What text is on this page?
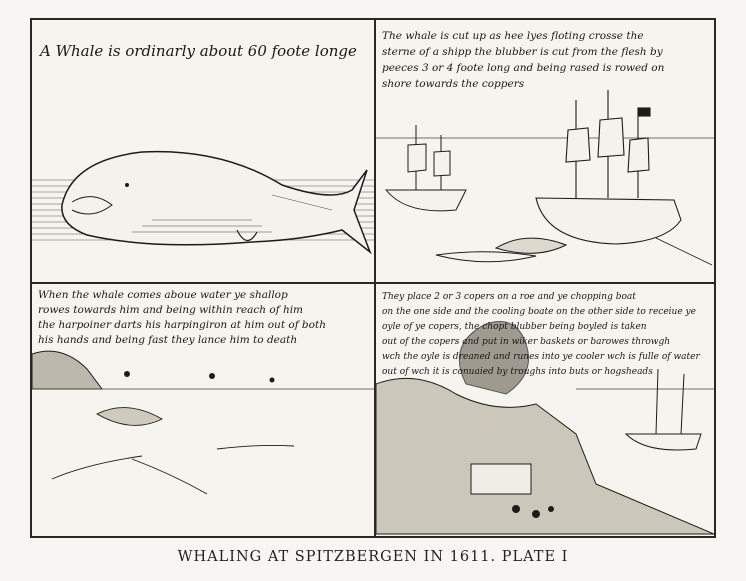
A Whale is ordinarly about 60 foote longe
The whale is cut up as hee lyes floting crosse the
sterne of a shipp the blubber is cut from the flesh by
peeces 3 or 4 foote long and being rased is rowed on
shore towards the coppers
When the whale comes aboue water ye shallop
rowes towards him and being within reach of him
the harpoiner darts his harpingiron at him out of both
his hands and being fast they lance him to death
They place 2 or 3 copers on a roe and ye chopping boat
on the one side and the cooling boate on the other side to receiue ye
oyle of ye copers, the chopt blubber being boyled is taken
out of the copers and put in wiker baskets or barowes throwgh
wch the oyle is dreaned and runes into ye cooler wch is fulle of water
out of wch it is conuaied by troughs into buts or hogsheads
WHALING AT SPITZBERGEN IN 1611. PLATE I
